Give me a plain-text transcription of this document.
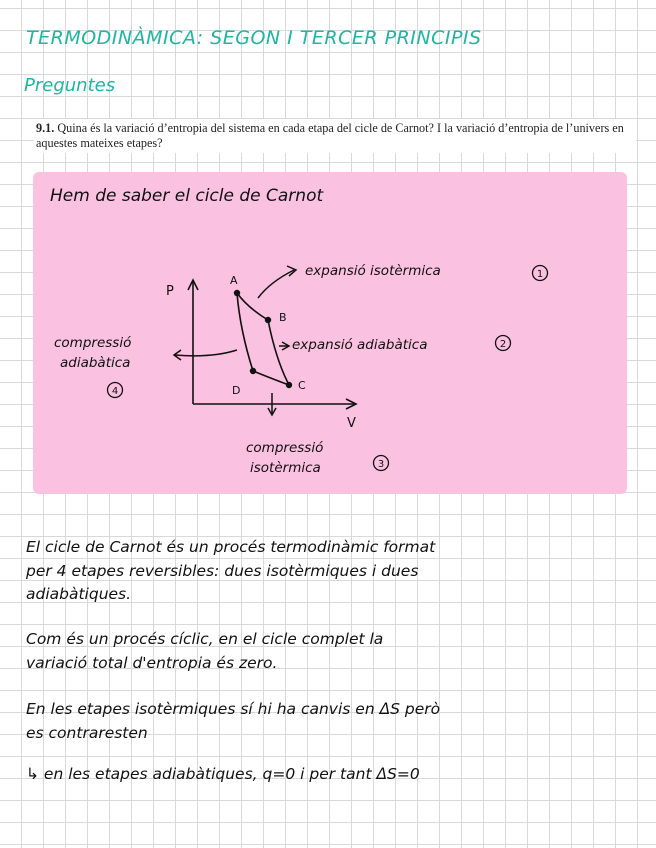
TERMODINÀMICA: SEGON I TERCER PRINCIPIS
Preguntes
9.1. Quina és la variació d’entropia del sistema en cada etapa del cicle de Carnot? I la variació d’entropia de l’univers en aquestes mateixes etapes?
Hem de saber el cicle de Carnot
P
V
A
B
C
D
expansió isotèrmica	1
expansió adiabàtica	2
compressió
isotèrmica	3
compressió
adiabàtica
4
El cicle de Carnot és un procés termodinàmic format
per 4 etapes reversibles: dues isotèrmiques i dues
adiabàtiques.
Com és un procés cíclic, en el cicle complet la
variació total d'entropia és zero.
En les etapes isotèrmiques sí hi ha canvis en ΔS però
es contraresten
↳ en les etapes adiabàtiques, q=0 i per tant ΔS=0
